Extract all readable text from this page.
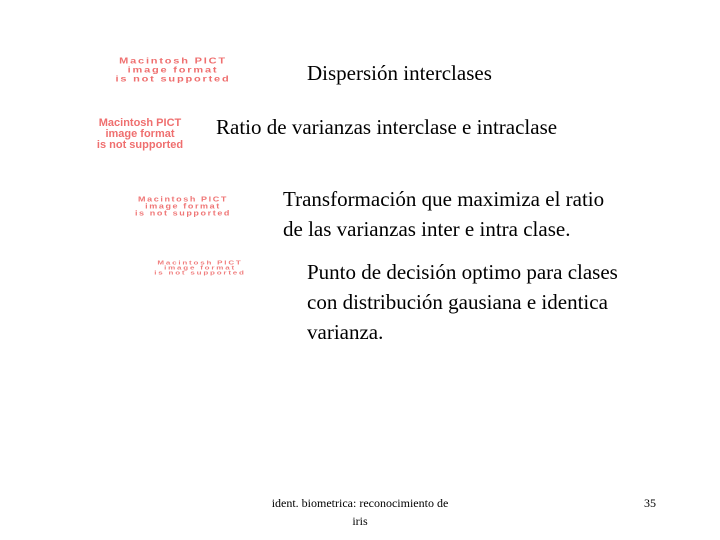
Macintosh PICT
image format
is not supported
Macintosh PICT
image format
is not supported
Macintosh PICT
image format
is not supported
Macintosh PICT
image format
is not supported
Dispersión interclases
Ratio de varianzas interclase e intraclase
Transformación que maximiza el ratio
de las varianzas inter e intra clase.
Punto de decisión optimo para clases
con distribución gausiana e identica
varianza.
ident. biometrica: reconocimiento de
iris
35
